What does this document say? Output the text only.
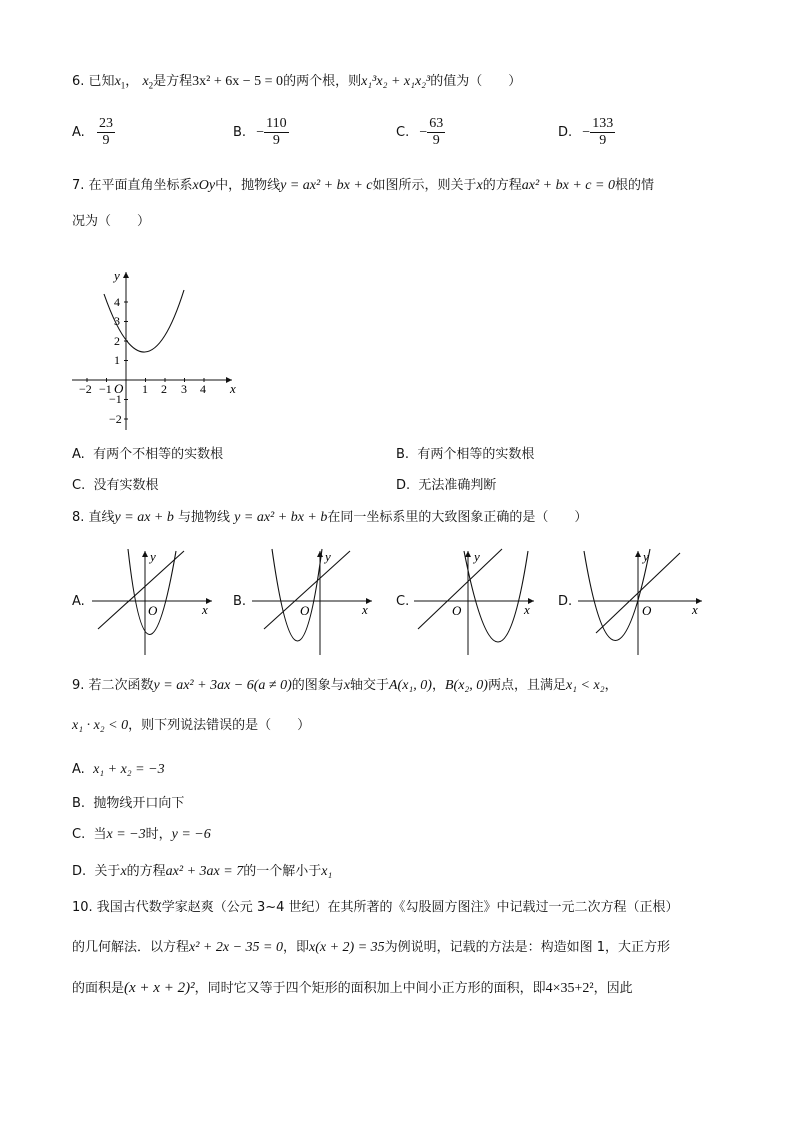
6. 已知$x_1$， $x_2$是方程3x² + 6x − 5 = 0的两个根，则x₁³x₂ + x₁x₂³的值为（　　）
A. $\frac{23}{9}$	B. − $\frac{110}{9}$	C. − $\frac{63}{9}$	D. − $\frac{133}{9}$
7. 在平面直角坐标系xOy中，抛物线y = ax² + bx + c如图所示，则关于x的方程ax² + bx + c = 0根的情
况为（　　）
x
y
O
−2 −1	1 2 3 4
4
3
2
1
−1
−2
A. 有两个不相等的实数根	B. 有两个相等的实数根
C. 没有实数根	D. 无法准确判断
8. 直线y = ax + b 与抛物线 y = ax² + bx + b在同一坐标系里的大致图象正确的是（　　）
A.
x
y
O
B.
x
y
O
C.
x
y
O
D.
x
y
O
9. 若二次函数y = ax² + 3ax − 6(a ≠ 0)的图象与x轴交于A(x₁, 0)，B(x₂, 0)两点，且满足x₁ < x₂，
x₁ · x₂ < 0，则下列说法错误的是（　　）
A. x₁ + x₂ = −3
B. 抛物线开口向下
C. 当x = −3时，y = −6
D. 关于x的方程ax² + 3ax = 7的一个解小于x₁
10. 我国古代数学家赵爽（公元 3~4 世纪）在其所著的《勾股圆方图注》中记载过一元二次方程（正根）
的几何解法．以方程x² + 2x − 35 = 0，即x(x + 2) = 35为例说明，记载的方法是：构造如图 1，大正方形
的面积是(x + x + 2)²，同时它又等于四个矩形的面积加上中间小正方形的面积，即4×35+2²，因此
